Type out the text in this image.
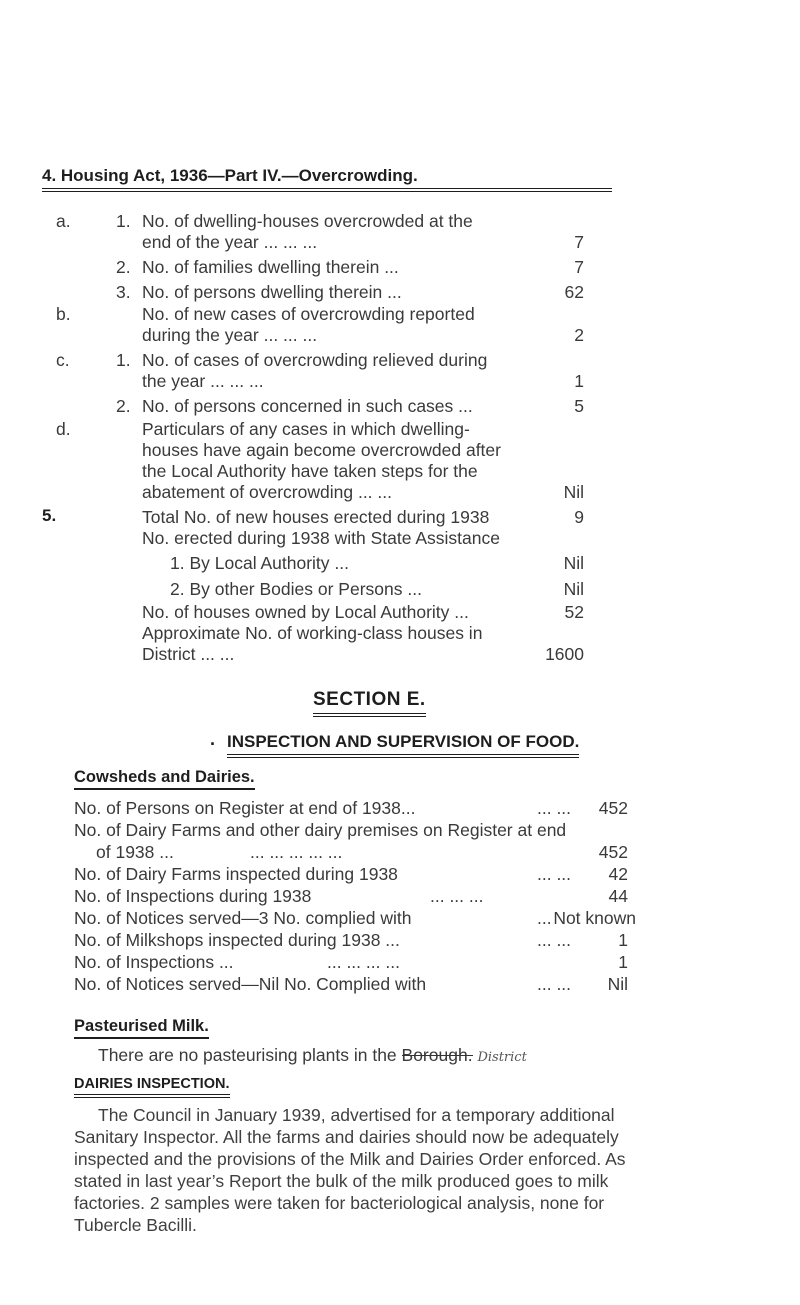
4. Housing Act, 1936—Part IV.—Overcrowding.
a.	1. No. of dwelling-houses overcrowded at the
end of the year ... ... ...	7
2. No. of families dwelling therein ...	7
3. No. of persons dwelling therein ...	62
b.	No. of new cases of overcrowding reported
during the year ... ... ...	2
c.	1. No. of cases of overcrowding relieved during
the year ... ... ...	1
2. No. of persons concerned in such cases ...	5
d.	Particulars of any cases in which dwelling-
houses have again become overcrowded after
the Local Authority have taken steps for the
abatement of overcrowding ... ...	Nil
5.	Total No. of new houses erected during 1938	9
No. erected during 1938 with State Assistance
1. By Local Authority ...	Nil
2. By other Bodies or Persons ...	Nil
No. of houses owned by Local Authority ...	52
Approximate No. of working-class houses in
District ... ...	1600
SECTION E.
. INSPECTION AND SUPERVISION OF FOOD.
Cowsheds and Dairies.
No. of Persons on Register at end of 1938...	... ... 452
No. of Dairy Farms and other dairy premises on Register at end
of 1938 ...	... ... ... ... ...	452
No. of Dairy Farms inspected during 1938	... ... 42
No. of Inspections during 1938	... ... ...	44
No. of Notices served—3 No. complied with	... Not known
No. of Milkshops inspected during 1938 ...	... ...	1
No. of Inspections ...	... ... ... ...	1
No. of Notices served—Nil No. Complied with	... ... Nil
Pasteurised Milk.
There are no pasteurising plants in the Borough. District
DAIRIES INSPECTION.
The Council in January 1939, advertised for a temporary additional Sanitary Inspector. All the farms and dairies should now be adequately inspected and the provisions of the Milk and Dairies Order enforced. As stated in last year’s Report the bulk of the milk produced goes to milk factories. 2 samples were taken for bacteriological analysis, none for Tubercle Bacilli.
